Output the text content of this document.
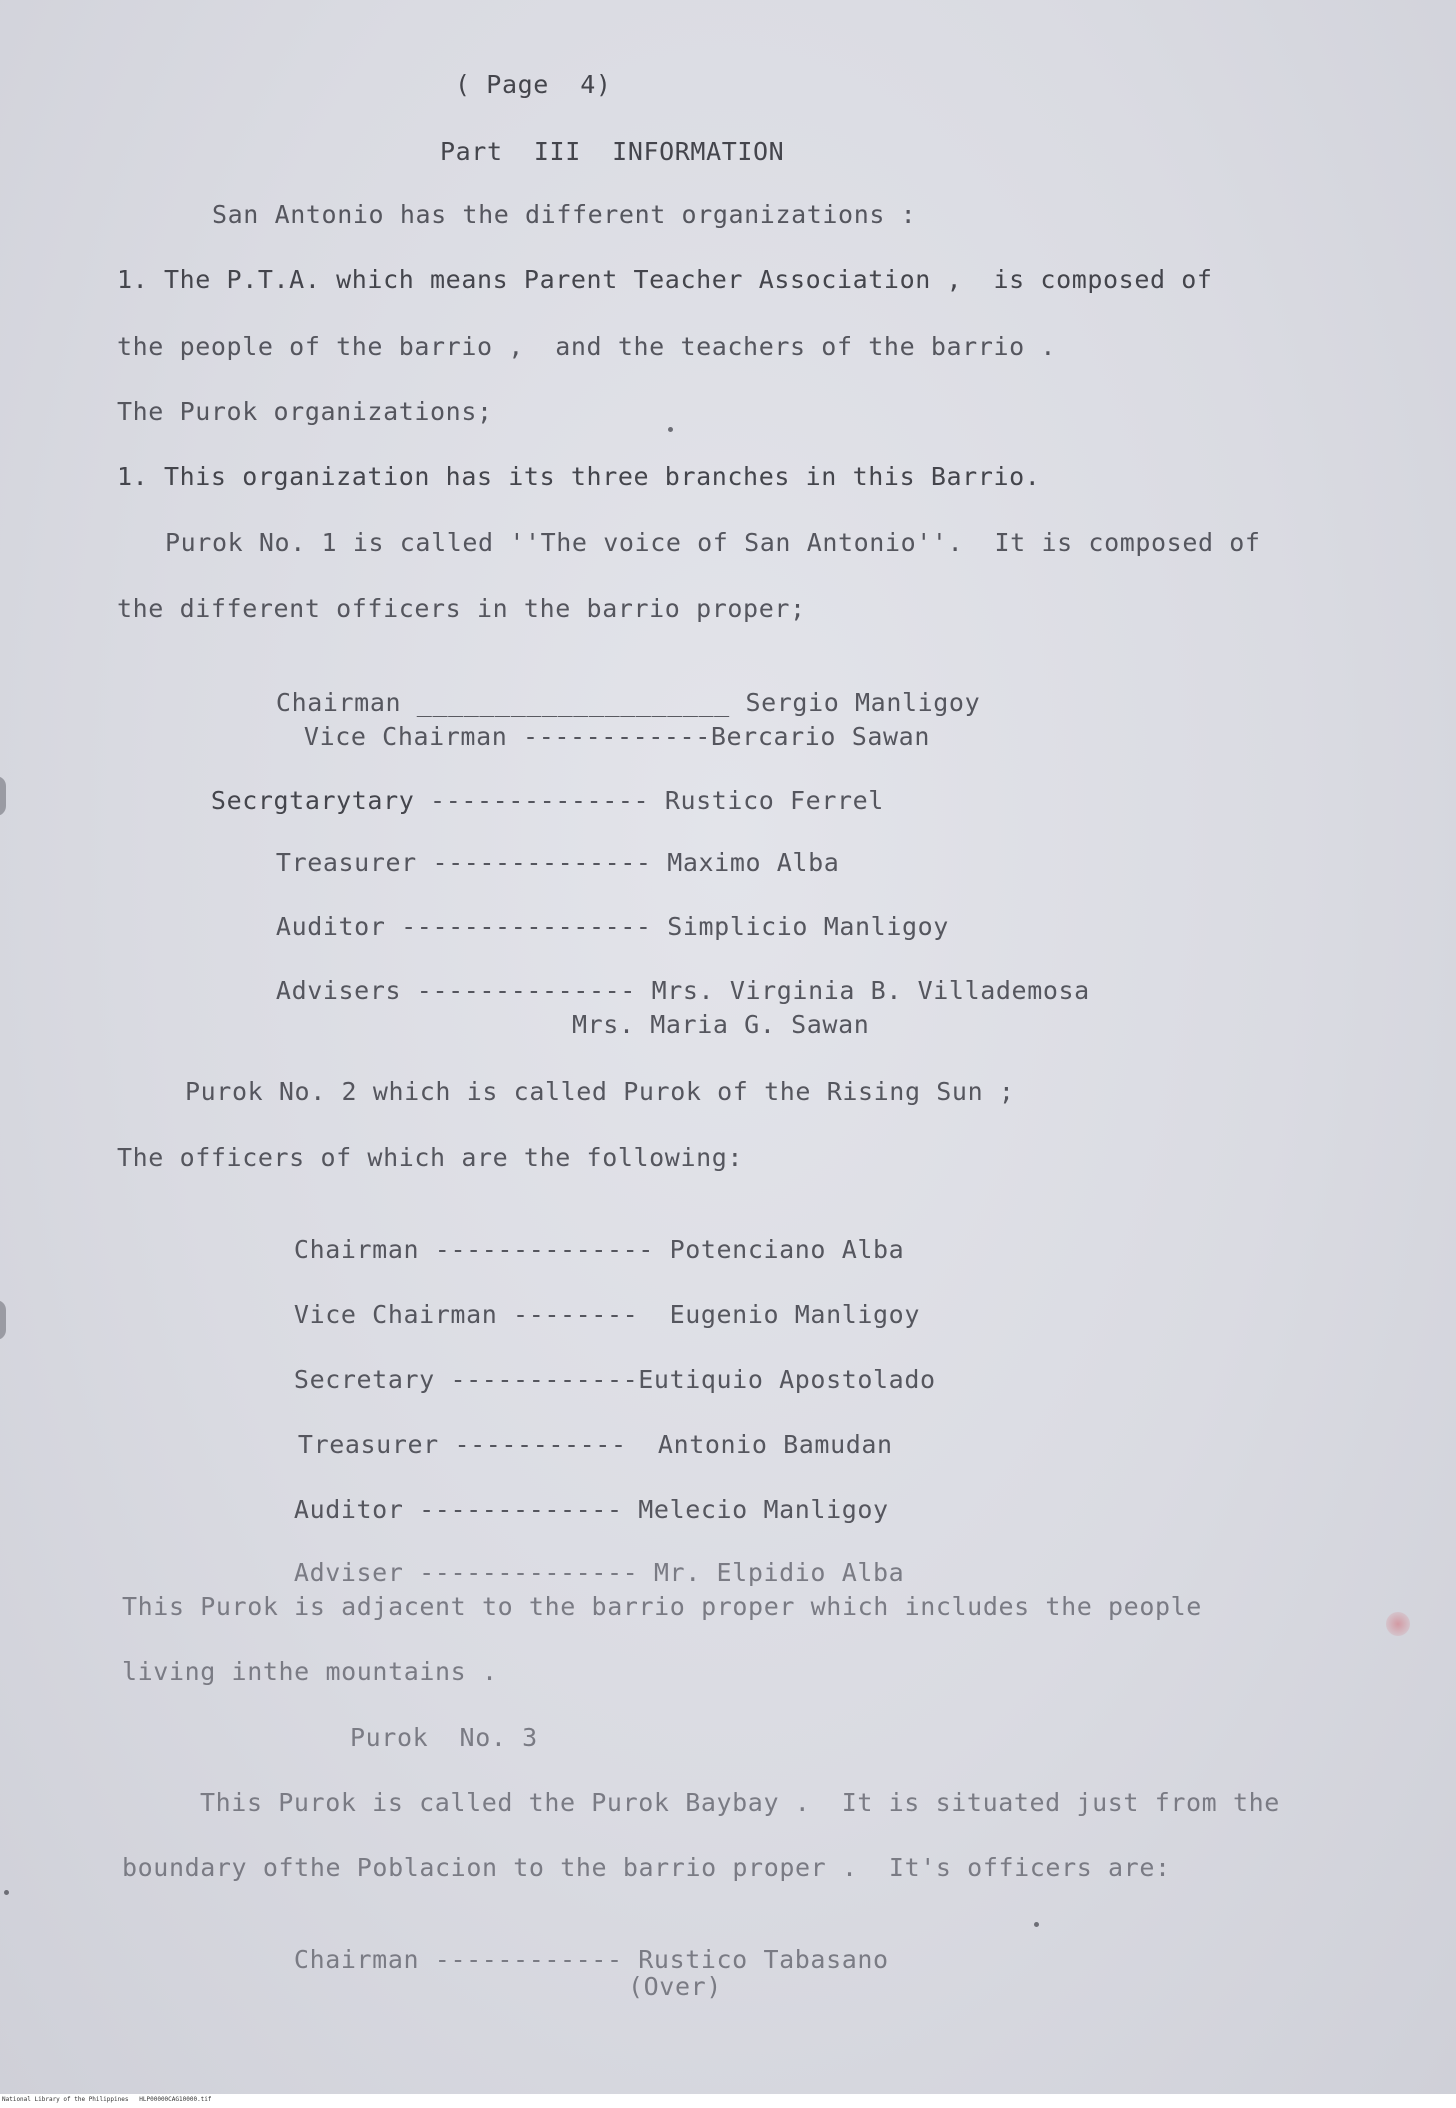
( Page  4)
Part  III  INFORMATION
San Antonio has the different organizations :
1. The P.T.A. which means Parent Teacher Association ,  is composed of
the people of the barrio ,  and the teachers of the barrio .
The Purok organizations;
1. This organization has its three branches in this Barrio.
Purok No. 1 is called ''The voice of San Antonio''.  It is composed of
the different officers in the barrio proper;

Chairman ____________________ Sergio Manligoy

Vice Chairman ------------Bercario Sawan

Secrgtarytary -------------- Rustico Ferrel

Treasurer -------------- Maximo Alba

Auditor ---------------- Simplicio Manligoy

Advisers -------------- Mrs. Virginia B. Villademosa

Mrs. Maria G. Sawan
Purok No. 2 which is called Purok of the Rising Sun ;
The officers of which are the following:

Chairman -------------- Potenciano Alba

Vice Chairman --------  Eugenio Manligoy

Secretary ------------Eutiquio Apostolado

Treasurer -----------  Antonio Bamudan

Auditor ------------- Melecio Manligoy

Adviser -------------- Mr. Elpidio Alba

This Purok is adjacent to the barrio proper which includes the people
living inthe mountains .
Purok  No. 3
This Purok is called the Purok Baybay .  It is situated just from the
boundary ofthe Poblacion to the barrio proper .  It's officers are:

Chairman ------------ Rustico Tabasano

(Over)
National Library of the Philippines   HLP00000CAG10000.tif
